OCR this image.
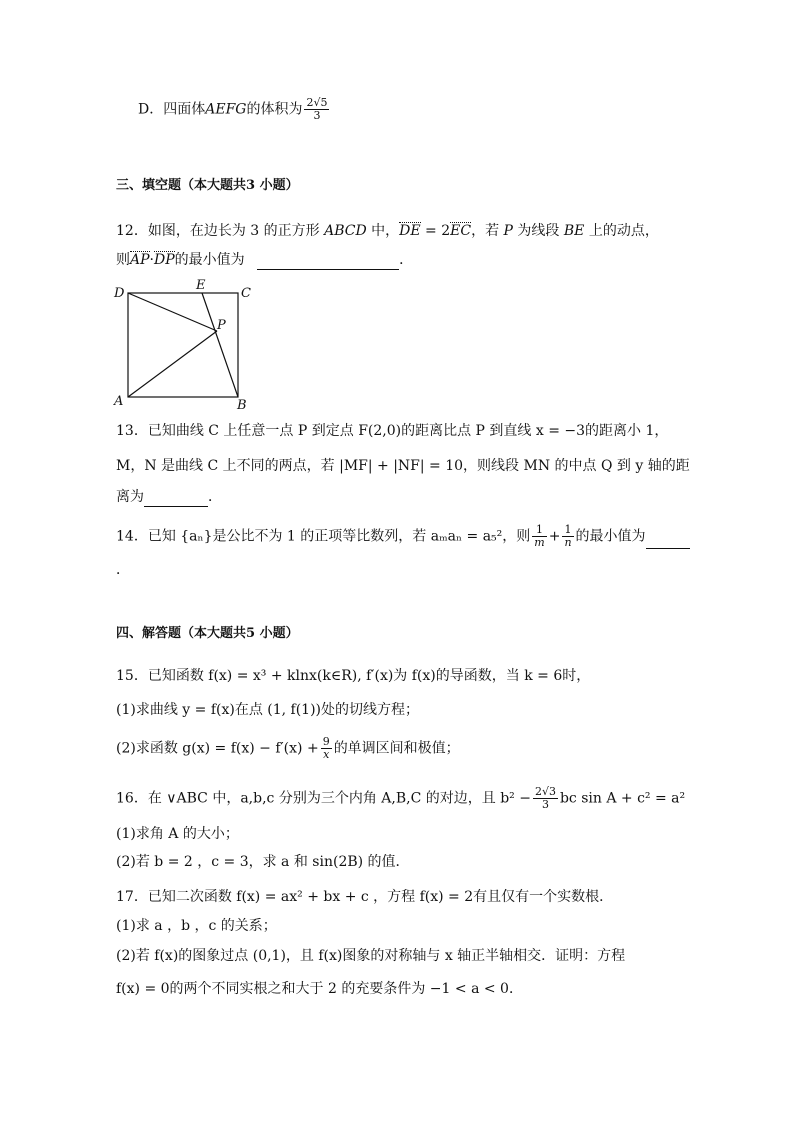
D．四面体AEFG的体积为 $\frac{2√5}{3}$
三、填空题（本大题共3 小题）
12．如图，在边长为 3 的正方形 ABCD 中，DE = 2EC，若 P 为线段 BE 上的动点，
则AP·DP的最小值为	．
D
E
C
P
A	B
13．已知曲线 C 上任意一点 P 到定点 F(2,0)的距离比点 P 到直线 x = −3的距离小 1，
M，N 是曲线 C 上不同的两点，若 |MF| + |NF| = 10，则线段 MN 的中点 Q 到 y 轴的距
离为	．
14．已知 {aₙ}是公比不为 1 的正项等比数列，若 aₘaₙ = a₅²，则 $\frac{1}{m} + \frac{1}{n}$ 的最小值为
．
四、解答题（本大题共5 小题）
15．已知函数 f(x) = x³ + klnx(k∈R), f′(x)为 f(x)的导函数，当 k = 6时，
(1)求曲线 y = f(x)在点 (1, f(1))处的切线方程；
(2)求函数 $g(x) = f(x) - f'(x) + \frac{9}{x}$ 的单调区间和极值；
16．在 ∨ABC 中，a,b,c 分别为三个内角 A,B,C 的对边，且 $b^2 - \frac{2√3}{3}$ bc sin A + c² = a²
(1)求角 A 的大小；
(2)若 b = 2 ，c = 3，求 a 和 sin(2B) 的值．
17．已知二次函数 f(x) = ax² + bx + c ，方程 f(x) = 2有且仅有一个实数根．
(1)求 a ，b ，c 的关系；
(2)若 f(x)的图象过点 (0,1)，且 f(x)图象的对称轴与 x 轴正半轴相交．证明：方程
f(x) = 0的两个不同实根之和大于 2 的充要条件为 −1 < a < 0．
